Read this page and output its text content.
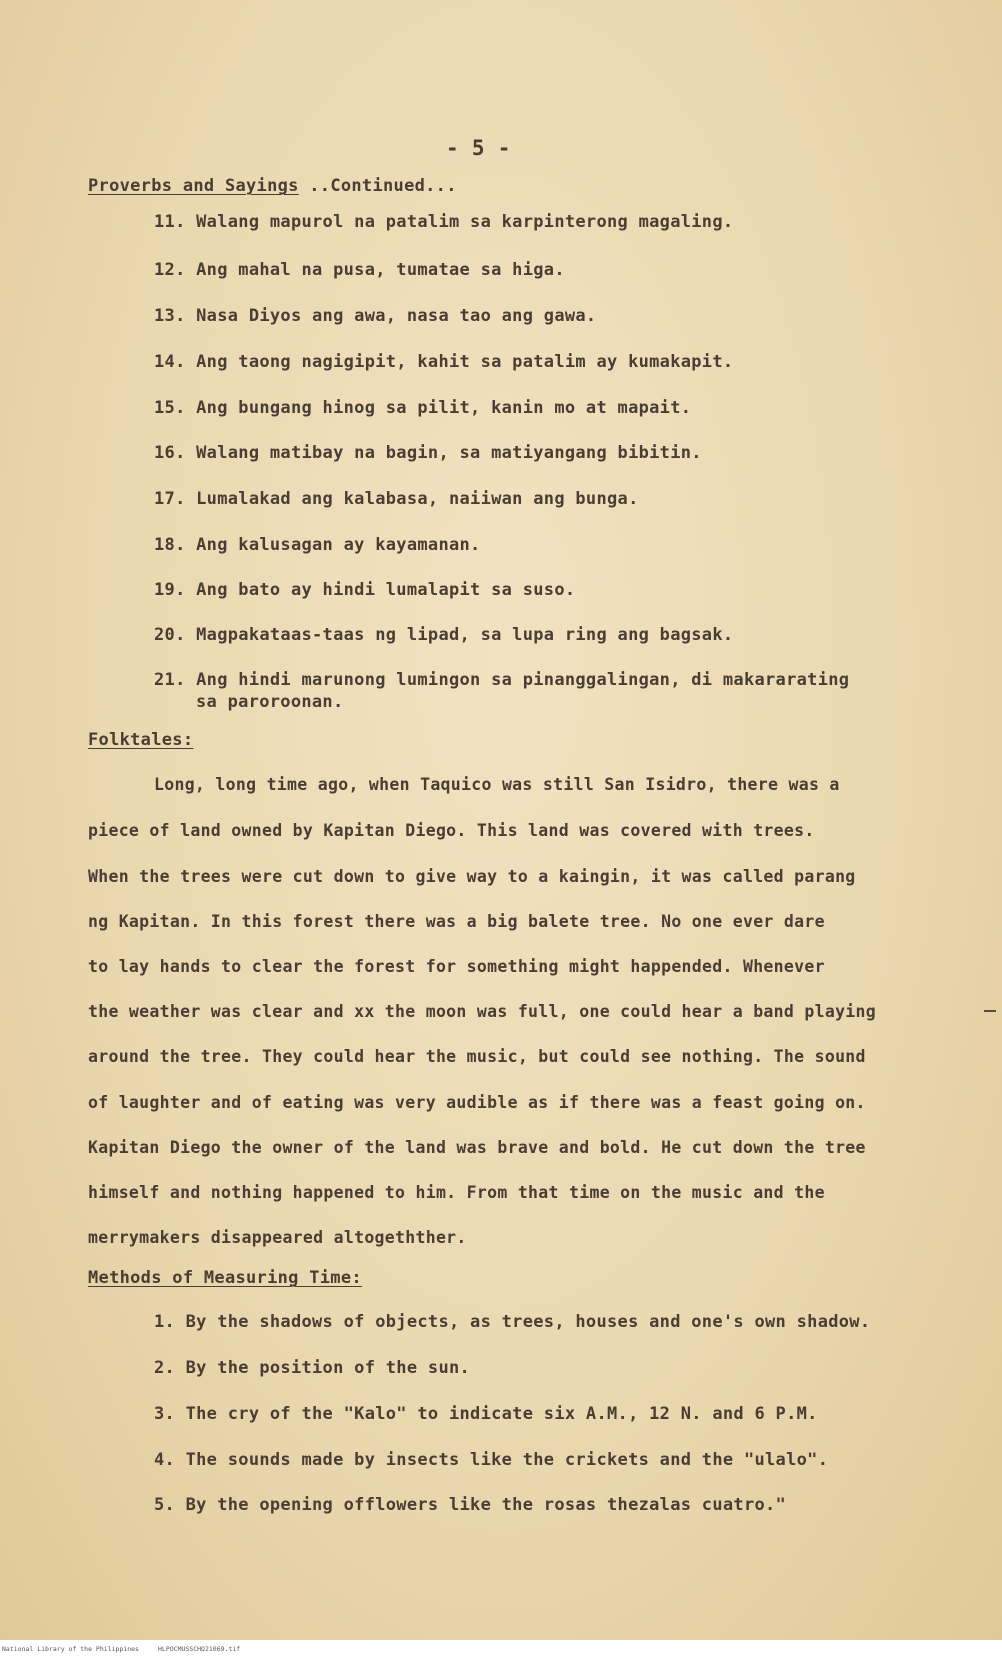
- 5 -
Proverbs and Sayings ..Continued...
11. Walang mapurol na patalim sa karpinterong magaling.
12. Ang mahal na pusa, tumatae sa higa.
13. Nasa Diyos ang awa, nasa tao ang gawa.
14. Ang taong nagigipit, kahit sa patalim ay kumakapit.
15. Ang bungang hinog sa pilit, kanin mo at mapait.
16. Walang matibay na bagin, sa matiyangang bibitin.
17. Lumalakad ang kalabasa, naiiwan ang bunga.
18. Ang kalusagan ay kayamanan.
19. Ang bato ay hindi lumalapit sa suso.
20. Magpakataas-taas ng lipad, sa lupa ring ang bagsak.
21. Ang hindi marunong lumingon sa pinanggalingan, di makararating
sa paroroonan.
Folktales:
Long, long time ago, when Taquico was still San Isidro, there was a
piece of land owned by Kapitan Diego. This land was covered with trees.
When the trees were cut down to give way to a kaingin, it was called parang
ng Kapitan. In this forest there was a big balete tree. No one ever dare
to lay hands to clear the forest for something might happended. Whenever
the weather was clear and xx the moon was full, one could hear a band playing
around the tree. They could hear the music, but could see nothing. The sound
of laughter and of eating was very audible as if there was a feast going on.
Kapitan Diego the owner of the land was brave and bold. He cut down the tree
himself and nothing happened to him. From that time on the music and the
merrymakers disappeared altogethther.
Methods of Measuring Time:
1. By the shadows of objects, as trees, houses and one's own shadow.
2. By the position of the sun.
3. The cry of the "Kalo" to indicate six A.M., 12 N. and 6 P.M.
4. The sounds made by insects like the crickets and the "ulalo".
5. By the opening offlowers like the rosas thezalas cuatro."
National Library of the Philippines	HLPOCMUSSCHQ21069.tif
